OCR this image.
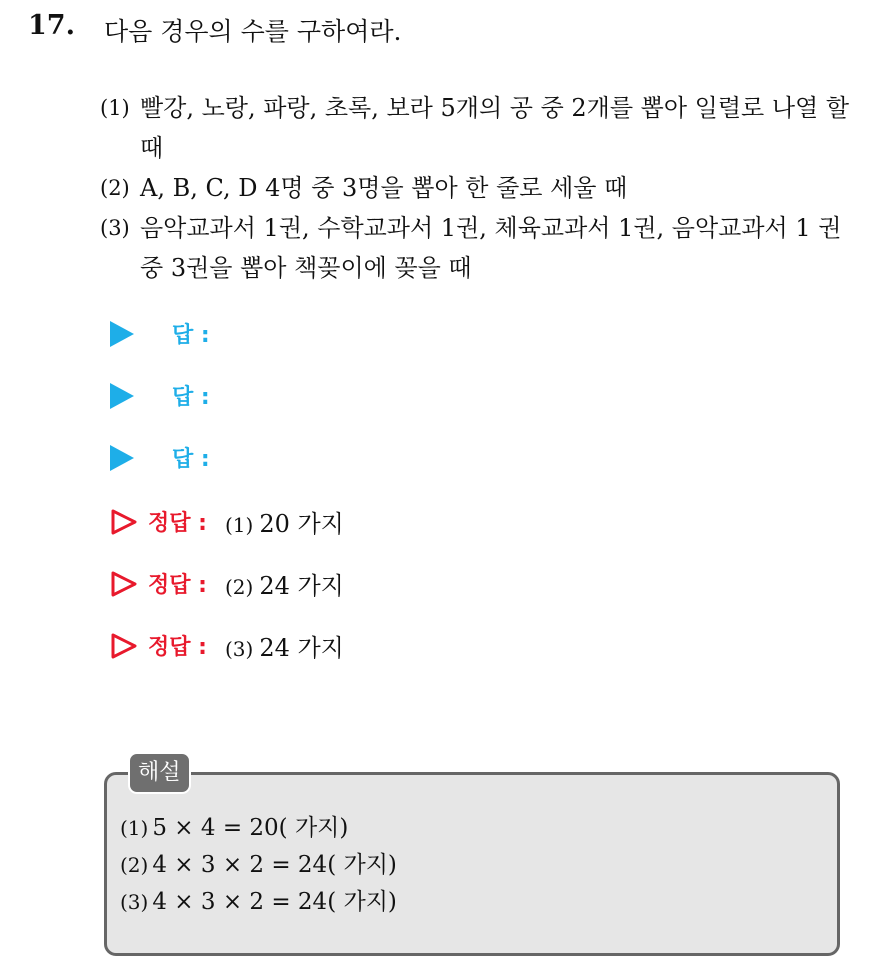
17. 다음 경우의 수를 구하여라.
(1) 빨강, 노랑, 파랑, 초록, 보라 5개의 공 중 2개를 뽑아 일렬로 나열 할 때
(2) A, B, C, D 4명 중 3명을 뽑아 한 줄로 세울 때
(3) 음악교과서 1권, 수학교과서 1권, 체육교과서 1권, 음악교과서 1 권 중 3권을 뽑아 책꽂이에 꽂을 때
답 :
답 :
답 :
정답 : (1) 20 가지
정답 : (2) 24 가지
정답 : (3) 24 가지
해설
(1) 5 × 4 = 20( 가지)
(2) 4 × 3 × 2 = 24( 가지)
(3) 4 × 3 × 2 = 24( 가지)
